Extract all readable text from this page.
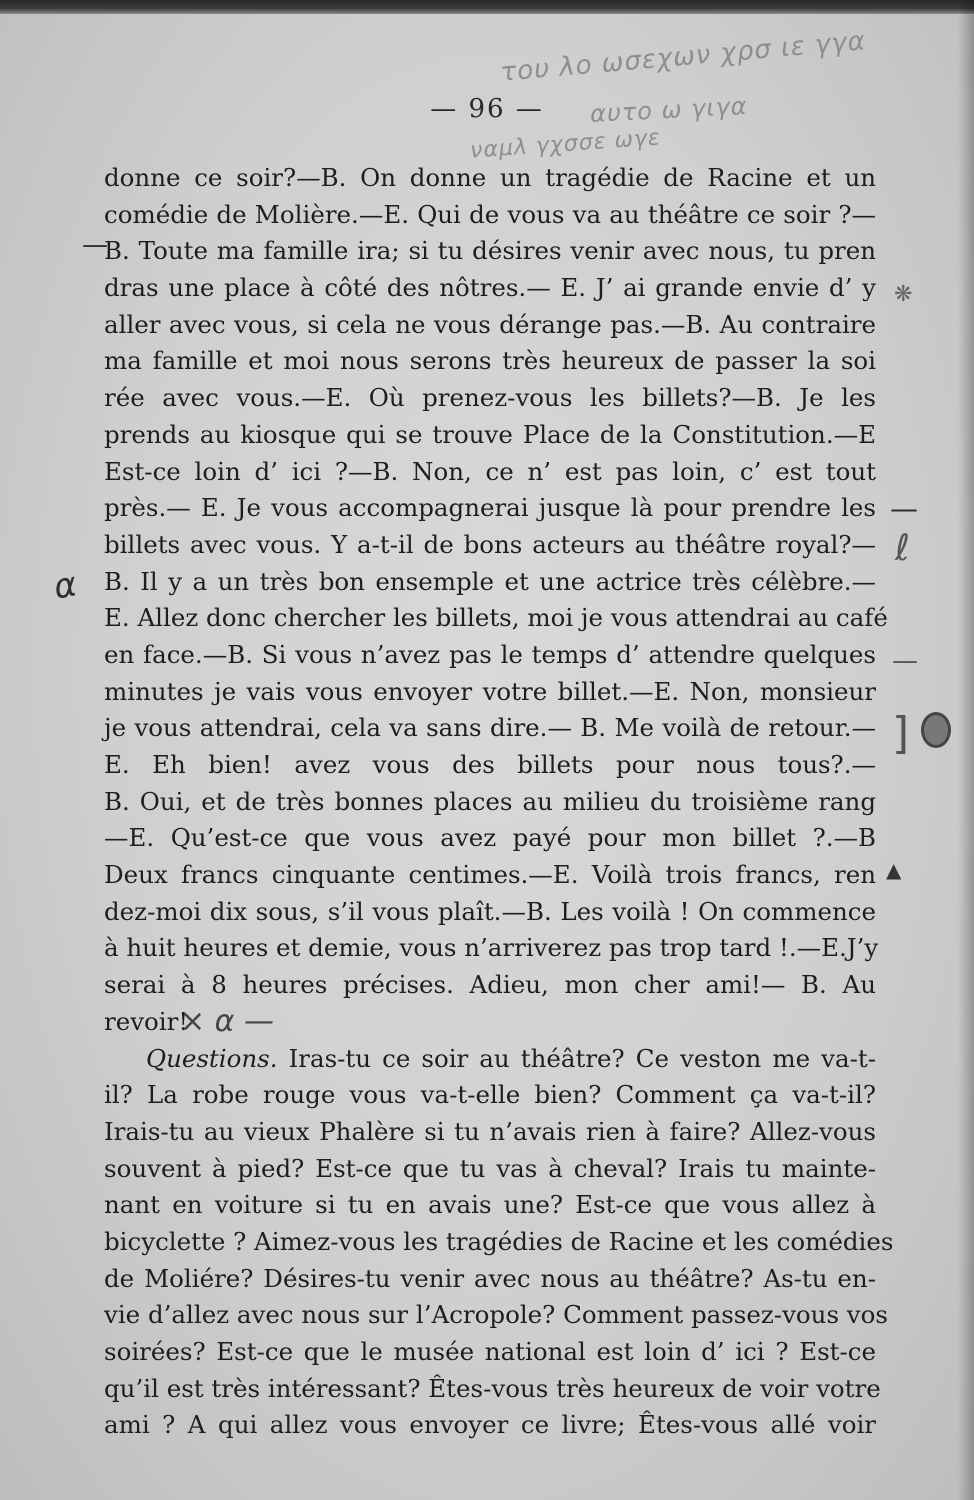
του λο ωσεχων χρσ ιε γγα
αυτο ω γιγα
ναμλ γχσσε ωγε
— 96 —
donne ce soir?—B. On donne un tragédie de Racine et un
comédie de Molière.—E. Qui de vous va au théâtre ce soir ?—
B. Toute ma famille ira; si tu désires venir avec nous, tu pren
dras une place à côté des nôtres.— E. J’ ai grande envie d’ y
aller avec vous, si cela ne vous dérange pas.—B. Au contraire
ma famille et moi nous serons très heureux de passer la soi
rée avec vous.—E. Où prenez-vous les billets?—B. Je les
prends au kiosque qui se trouve Place de la Constitution.—E
Est-ce loin d’ ici ?—B. Non, ce n’ est pas loin, c’ est tout
près.— E. Je vous accompagnerai jusque là pour prendre les
billets avec vous. Y a-t-il de bons acteurs au théâtre royal?—
B. Il y a un très bon ensemple et une actrice très célèbre.—
E. Allez donc chercher les billets, moi je vous attendrai au café
en face.—B. Si vous n’avez pas le temps d’ attendre quelques
minutes je vais vous envoyer votre billet.—E. Non, monsieur
je vous attendrai, cela va sans dire.— B. Me voilà de retour.—
E. Eh bien! avez vous des billets pour nous tous?.—
B. Oui, et de très bonnes places au milieu du troisième rang
—E. Qu’est-ce que vous avez payé pour mon billet ?.—B
Deux francs cinquante centimes.—E. Voilà trois francs, ren
dez-moi dix sous, s’il vous plaît.—B. Les voilà ! On commence
à huit heures et demie, vous n’arriverez pas trop tard !.—E.J’y
serai à 8 heures précises. Adieu, mon cher ami!— B. Au
revoir!
Questions. Iras-tu ce soir au théâtre? Ce veston me va-t-
il? La robe rouge vous va-t-elle bien? Comment ça va-t-il?
Irais-tu au vieux Phalère si tu n’avais rien à faire? Allez-vous
souvent à pied? Est-ce que tu vas à cheval? Irais tu mainte-
nant en voiture si tu en avais une? Est-ce que vous allez à
bicyclette ? Aimez-vous les tragédies de Racine et les comédies
de Moliére? Désires-tu venir avec nous au théâtre? As-tu en-
vie d’allez avec nous sur l’Acropole? Comment passez-vous vos
soirées? Est-ce que le musée national est loin d’ ici ? Est-ce
qu’il est très intéressant? Êtes-vous très heureux de voir votre
ami ? A qui allez vous envoyer ce livre; Êtes-vous allé voir
α
—
—
ℓ
—
]
▲
❋
× α —
